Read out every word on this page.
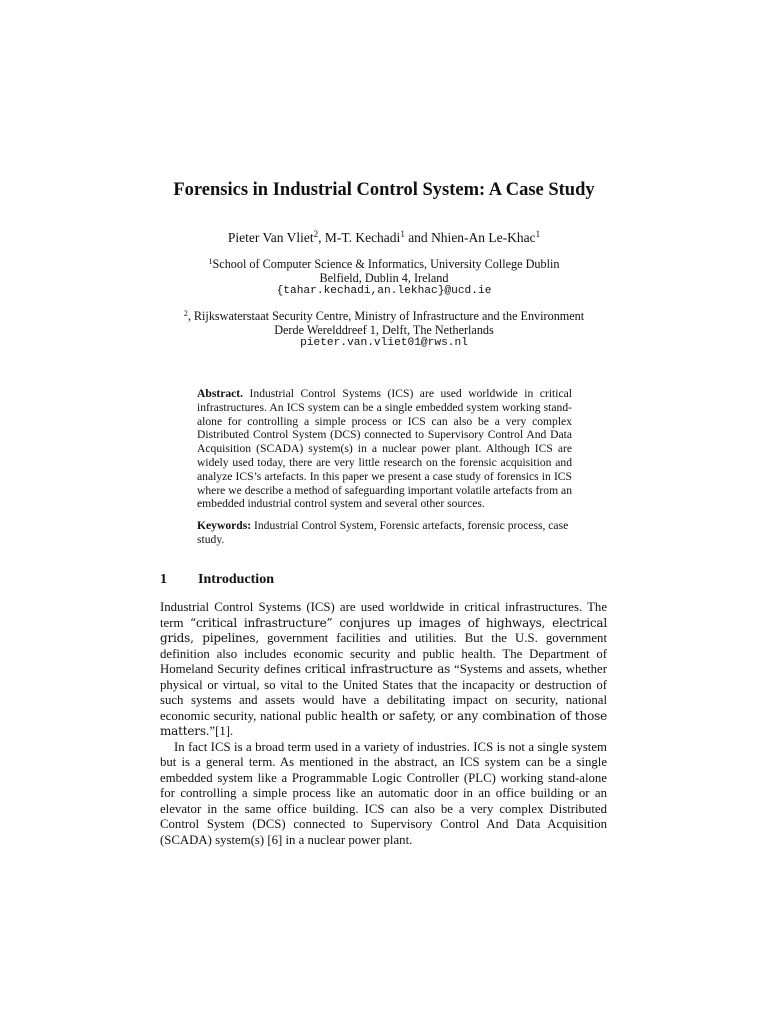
Forensics in Industrial Control System: A Case Study
Pieter Van Vliet$^2$, M-T. Kechadi$^1$ and Nhien-An Le-Khac$^1$
$^1$School of Computer Science & Informatics, University College Dublin
Belfield, Dublin 4, Ireland
{tahar.kechadi,an.lekhac}@ucd.ie
$^2$, Rijkswaterstaat Security Centre, Ministry of Infrastructure and the Environment
Derde Werelddreef 1, Delft, The Netherlands
pieter.van.vliet01@rws.nl
Abstract. Industrial Control Systems (ICS) are used worldwide in critical infrastructures. An ICS system can be a single embedded system working stand-alone for controlling a simple process or ICS can also be a very complex Distributed Control System (DCS) connected to Supervisory Control And Data Acquisition (SCADA) system(s) in a nuclear power plant. Although ICS are widely used today, there are very little research on the forensic acquisition and analyze ICS’s artefacts. In this paper we present a case study of forensics in ICS where we describe a method of safeguarding important volatile artefacts from an embedded industrial control system and several other sources.
Keywords: Industrial Control System, Forensic artefacts, forensic process, case study.
1 Introduction

Industrial Control Systems (ICS) are used worldwide in critical infrastructures. The term “critical infrastructure” conjures up images of highways, electrical grids, pipelines, government facilities and utilities. But the U.S. government definition also includes economic security and public health. The Department of Homeland Security defines critical infrastructure as “Systems and assets, whether physical or virtual, so vital to the United States that the incapacity or destruction of such systems and assets would have a debilitating impact on security, national economic security, national public health or safety, or any combination of those matters.”[1].

In fact ICS is a broad term used in a variety of industries. ICS is not a single system but is a general term. As mentioned in the abstract, an ICS system can be a single embedded system like a Programmable Logic Controller (PLC) working stand-alone for controlling a simple process like an automatic door in an office building or an elevator in the same office building. ICS can also be a very complex Distributed Control System (DCS) connected to Supervisory Control And Data Acquisition (SCADA) system(s) [6] in a nuclear power plant.
